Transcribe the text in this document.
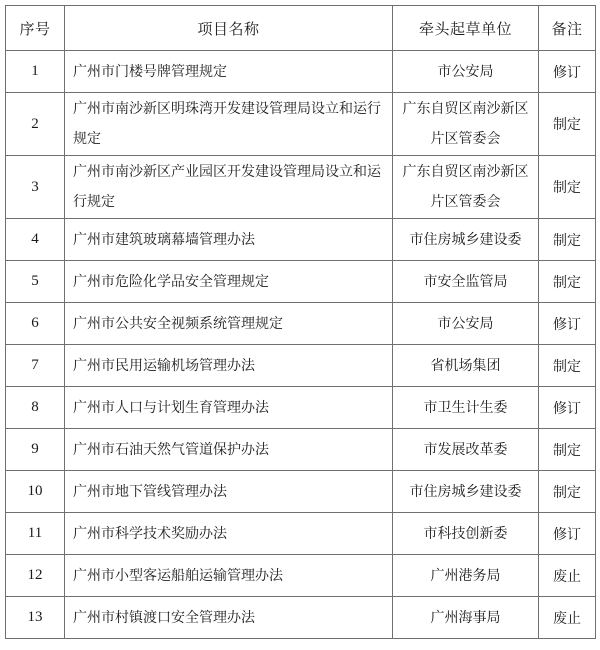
序号	项目名称	牵头起草单位	备注
1	广州市门楼号牌管理规定	市公安局	修订
2	广州市南沙新区明珠湾开发建设管理局设立和运行规定	广东自贸区南沙新区片区管委会	制定
3	广州市南沙新区产业园区开发建设管理局设立和运行规定	广东自贸区南沙新区片区管委会	制定
4	广州市建筑玻璃幕墙管理办法	市住房城乡建设委	制定
5	广州市危险化学品安全管理规定	市安全监管局	制定
6	广州市公共安全视频系统管理规定	市公安局	修订
7	广州市民用运输机场管理办法	省机场集团	制定
8	广州市人口与计划生育管理办法	市卫生计生委	修订
9	广州市石油天然气管道保护办法	市发展改革委	制定
10	广州市地下管线管理办法	市住房城乡建设委	制定
11	广州市科学技术奖励办法	市科技创新委	修订
12	广州市小型客运船舶运输管理办法	广州港务局	废止
13	广州市村镇渡口安全管理办法	广州海事局	废止
